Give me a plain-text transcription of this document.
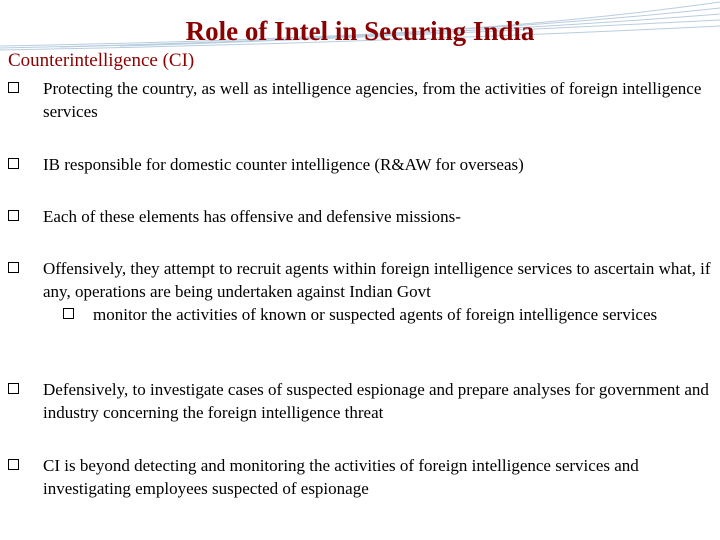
Role of Intel in Securing India
Counterintelligence (CI)
Protecting the country, as well as intelligence agencies, from the activities of foreign intelligence services
IB responsible for domestic counter intelligence (R&AW for overseas)
Each of these elements has offensive and defensive missions-
Offensively, they attempt to recruit agents within foreign intelligence services to ascertain what, if any, operations are being undertaken against Indian Govt
monitor the activities of known or suspected agents of foreign intelligence services
Defensively, to investigate cases of suspected espionage and prepare analyses for government and industry concerning the foreign intelligence threat
CI is beyond detecting and monitoring the activities of foreign intelligence services and investigating employees suspected of espionage
